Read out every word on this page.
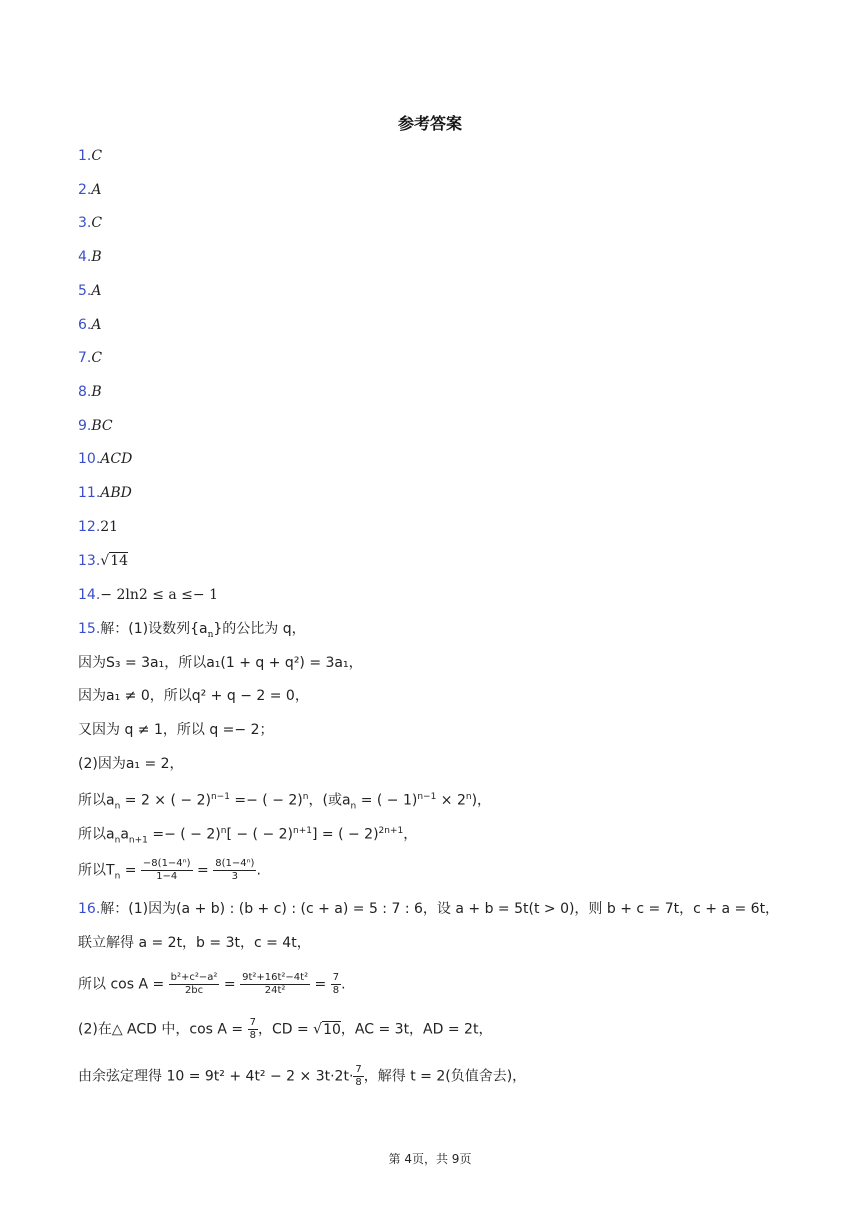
参考答案
1.C
2.A
3.C
4.B
5.A
6.A
7.C
8.B
9.BC
10.ACD
11.ABD
12.21
13.√14
14.− 2ln2 ≤ a ≤− 1
15.解：(1)设数列$\{a_n\}$的公比为 q，
因为S₃ = 3a₁，所以a₁(1 + q + q²) = 3a₁，
因为a₁ ≠ 0，所以q² + q − 2 = 0，
又因为 q ≠ 1，所以 q =− 2；
(2)因为a₁ = 2，
所以$a_n = 2$ × ( − 2)$^{n-1}$ =− ( − 2)$^n$，(或$a_n$ = ( − $1)^{n-1} \times 2^n$)，
所以$a_na_{n+1}$ =− ( − 2)$^n$[ − ( − 2)$^{n+1}$] = ( − 2)$^{2n+1}$，
所以$T_n = \frac{\text{−8(1−4ⁿ)}}{1-4} = \frac{\text{8(1−4ⁿ)}}{3}$ .
16.解：(1)因为(a + b) : (b + c) : (c + a) = 5 : 7 : 6，设 a + b = 5t(t > 0)，则 b + c = 7t，c + a = 6t，
联立解得 a = 2t，b = 3t，c = 4t，
所以 $\cos A = \frac{\text{b²+c²−a²}}{2bc} = \frac{\text{9t²+16t²−4t²}}{\text{24t²}} = \frac{7}{8}$ .
(2)在△ ACD 中，$\cos A = \frac{7}{8}$ ，CD = √10，AC = 3t，AD = 2t，
由余弦定理得 $10 = 9t^2 + 4t^2 - 2 \times 3t\cdot 2t\cdot \frac{7}{8}$ ，解得 t = 2(负值舍去)，
第 4页，共 9页
